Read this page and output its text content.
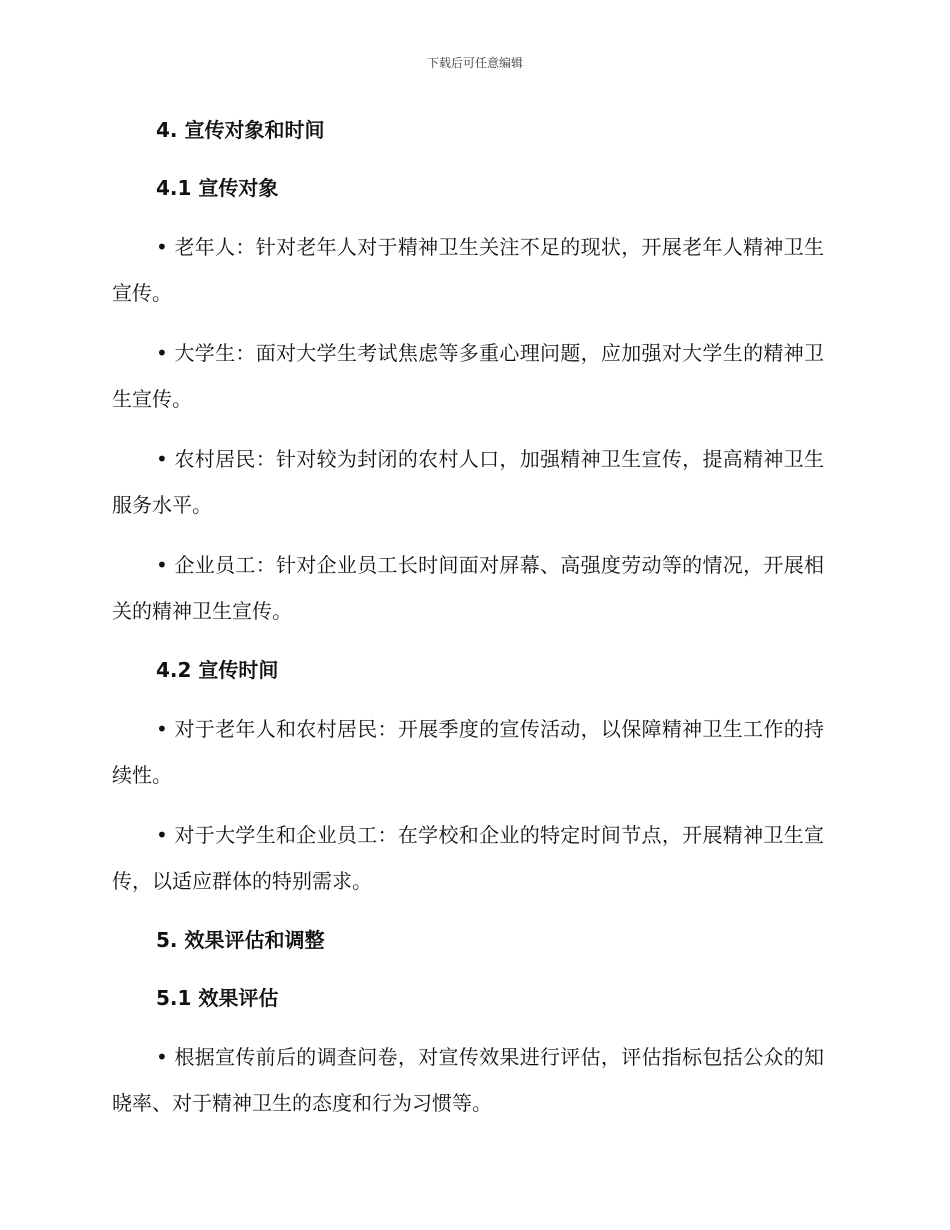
下载后可任意编辑
4. 宣传对象和时间
4.1 宣传对象

• 老年人：针对老年人对于精神卫生关注不足的现状，开展老年人精神卫生宣传。

• 大学生：面对大学生考试焦虑等多重心理问题，应加强对大学生的精神卫生宣传。

• 农村居民：针对较为封闭的农村人口，加强精神卫生宣传，提高精神卫生服务水平。

• 企业员工：针对企业员工长时间面对屏幕、高强度劳动等的情况，开展相关的精神卫生宣传。

4.2 宣传时间

• 对于老年人和农村居民：开展季度的宣传活动，以保障精神卫生工作的持续性。

• 对于大学生和企业员工：在学校和企业的特定时间节点，开展精神卫生宣传，以适应群体的特别需求。

5. 效果评估和调整
5.1 效果评估

• 根据宣传前后的调查问卷，对宣传效果进行评估，评估指标包括公众的知晓率、对于精神卫生的态度和行为习惯等。
